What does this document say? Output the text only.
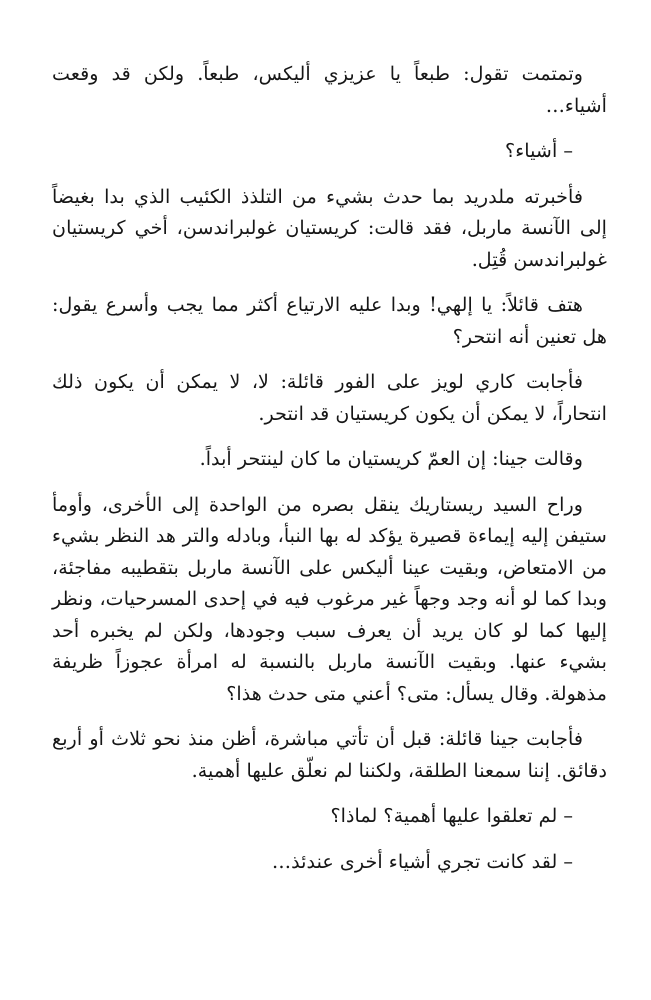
وتمتمت تقول: طبعاً يا عزيزي أليكس، طبعاً. ولكن قد وقعت أشياء…

– أشياء؟

فأخبرته ملدريد بما حدث بشيء من التلذذ الكئيب الذي بدا بغيضاً إلى الآنسة ماربل، فقد قالت: كريستيان غولبراندسن، أخي كريستيان غولبراندسن قُتِل.

هتف قائلاً: يا إلهي! وبدا عليه الارتياع أكثر مما يجب وأسرع يقول: هل تعنين أنه انتحر؟

فأجابت كاري لويز على الفور قائلة: لا، لا يمكن أن يكون ذلك انتحاراً، لا يمكن أن يكون كريستيان قد انتحر.

وقالت جينا: إن العمّ كريستيان ما كان لينتحر أبداً.

وراح السيد ريستاريك ينقل بصره من الواحدة إلى الأخرى، وأومأ ستيفن إليه إيماءة قصيرة يؤكد له بها النبأ، وبادله والتر هد النظر بشيء من الامتعاض، وبقيت عينا أليكس على الآنسة ماربل بتقطيبه مفاجئة، وبدا كما لو أنه وجد وجهاً غير مرغوب فيه في إحدى المسرحيات، ونظر إليها كما لو كان يريد أن يعرف سبب وجودها، ولكن لم يخبره أحد بشيء عنها. وبقيت الآنسة ماربل بالنسبة له امرأة عجوزاً ظريفة مذهولة. وقال يسأل: متى؟ أعني متى حدث هذا؟

فأجابت جينا قائلة: قبل أن تأتي مباشرة، أظن منذ نحو ثلاث أو أربع دقائق. إننا سمعنا الطلقة، ولكننا لم نعلّق عليها أهمية.

– لم تعلقوا عليها أهمية؟ لماذا؟

– لقد كانت تجري أشياء أخرى عندئذ…
